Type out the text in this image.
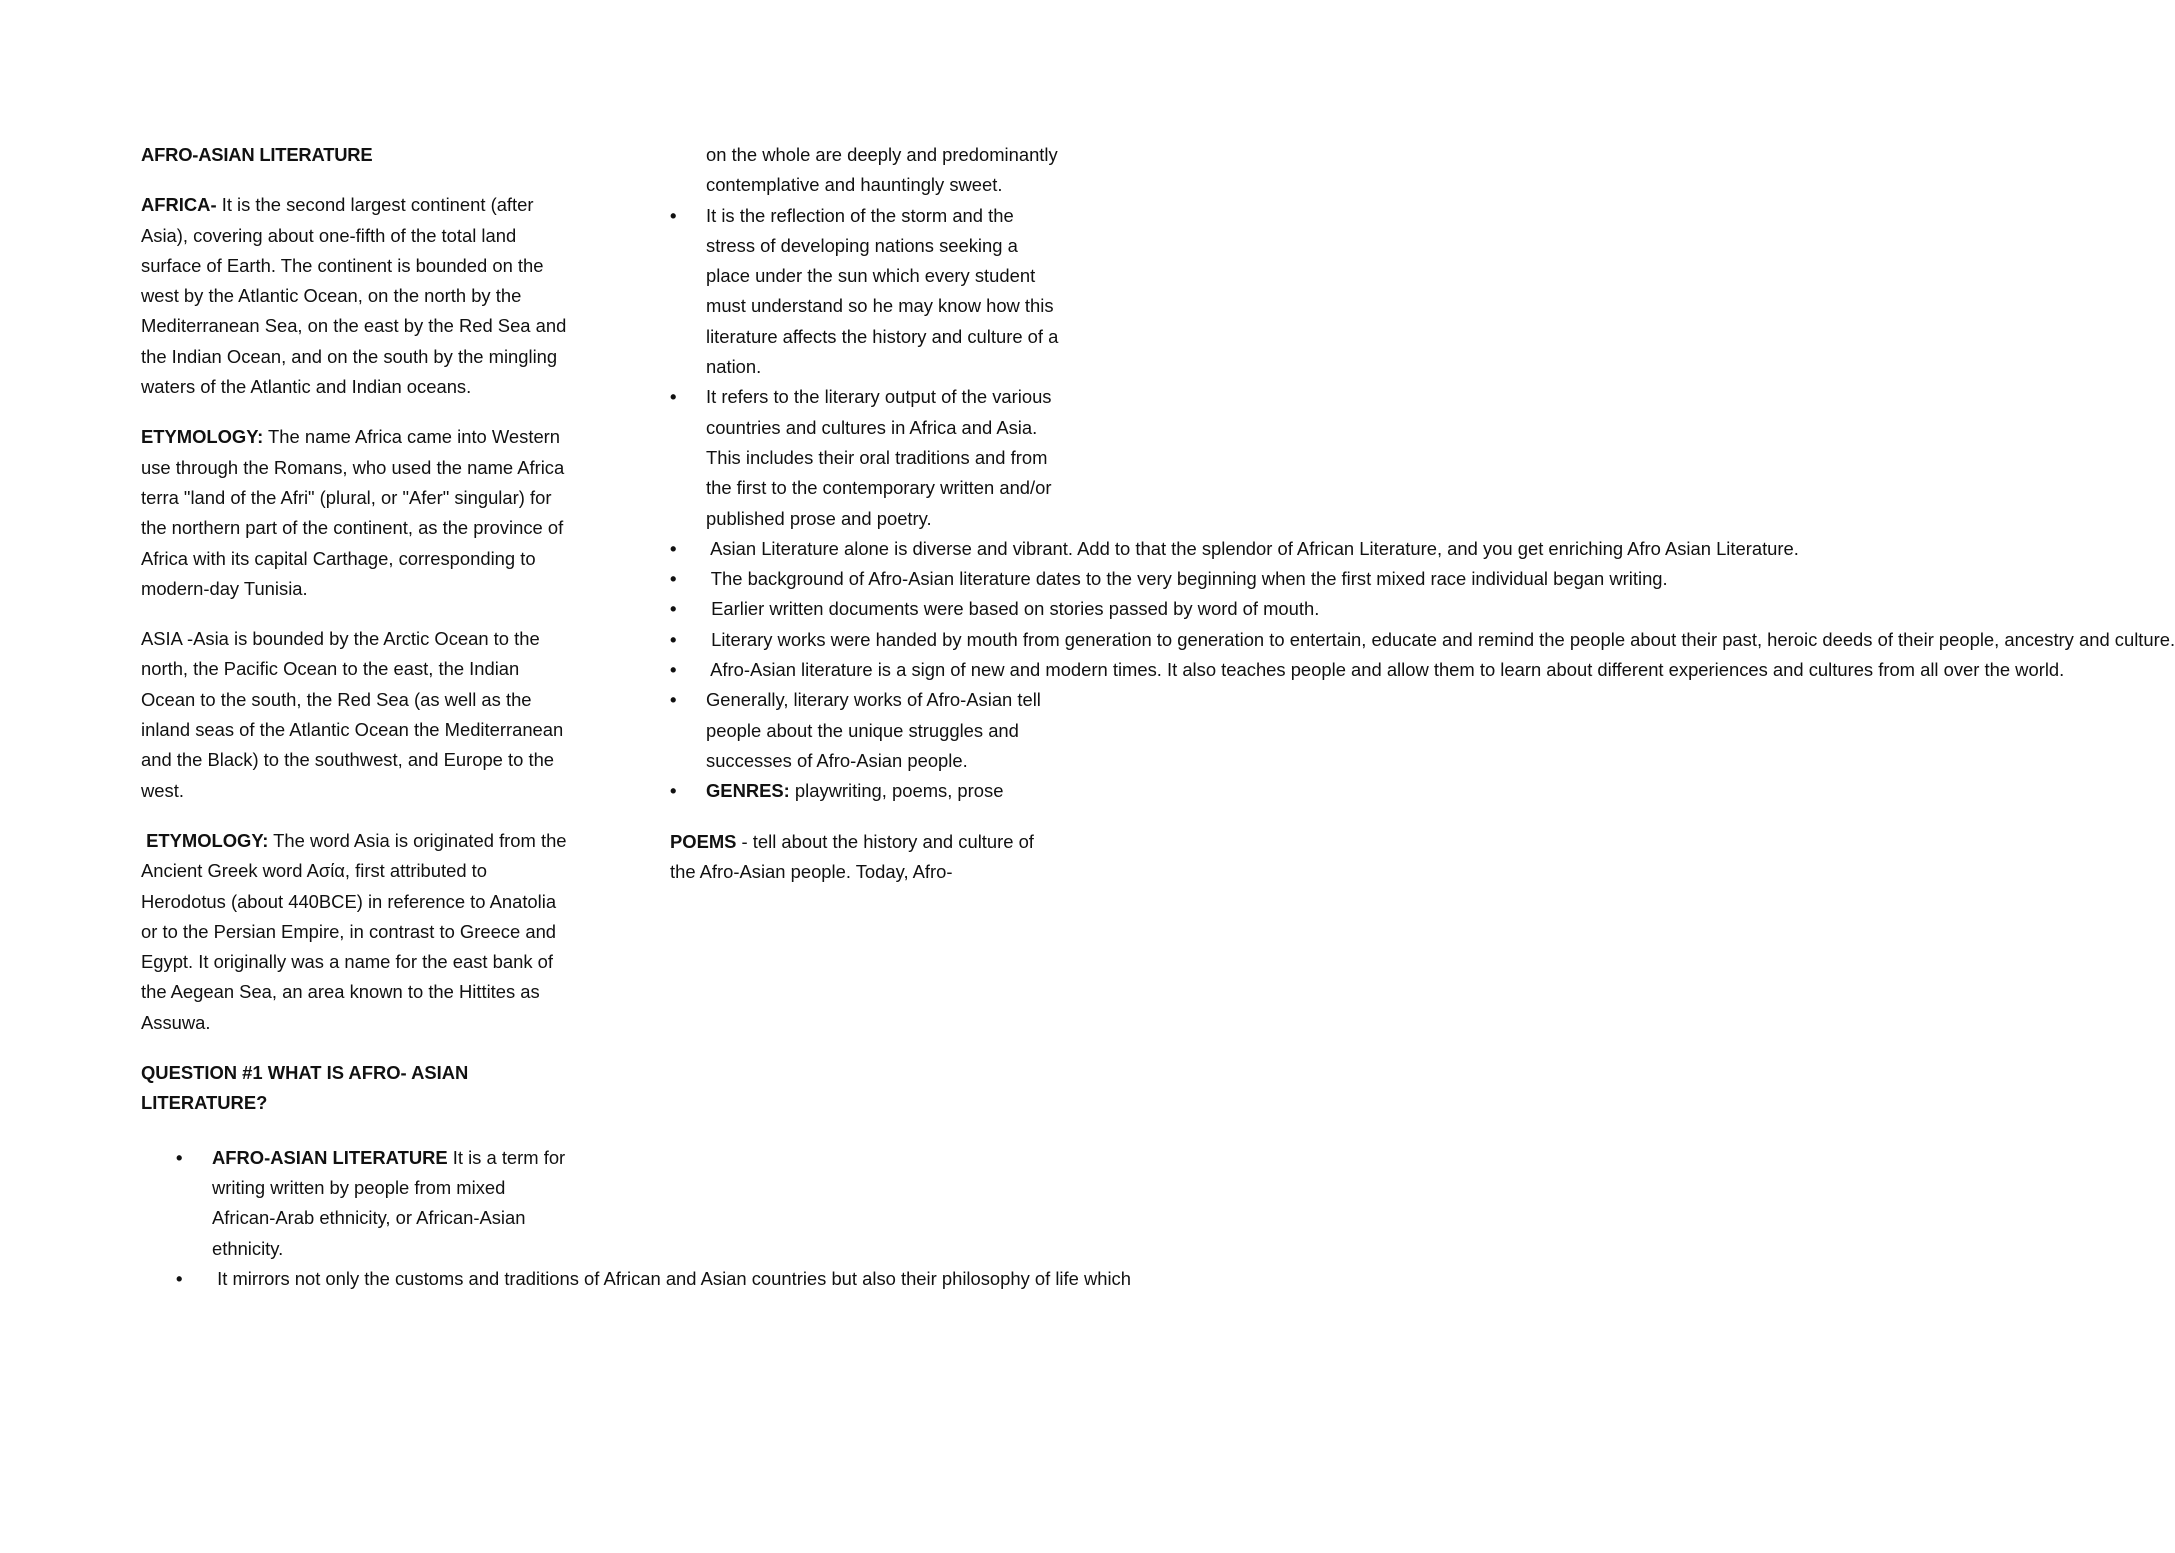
AFRO-ASIAN LITERATURE

AFRICA- It is the second largest continent (after Asia), covering about one-fifth of the total land surface of Earth. The continent is bounded on the west by the Atlantic Ocean, on the north by the Mediterranean Sea, on the east by the Red Sea and the Indian Ocean, and on the south by the mingling waters of the Atlantic and Indian oceans.

ETYMOLOGY: The name Africa came into Western use through the Romans, who used the name Africa terra "land of the Afri" (plural, or "Afer" singular) for the northern part of the continent, as the province of Africa with its capital Carthage, corresponding to modern-day Tunisia.

ASIA -Asia is bounded by the Arctic Ocean to the north, the Pacific Ocean to the east, the Indian Ocean to the south, the Red Sea (as well as the inland seas of the Atlantic Ocean the Mediterranean and the Black) to the southwest, and Europe to the west.

ETYMOLOGY: The word Asia is originated from the Ancient Greek word Aσία, first attributed to Herodotus (about 440BCE) in reference to Anatolia or to the Persian Empire, in contrast to Greece and Egypt. It originally was a name for the east bank of the Aegean Sea, an area known to the Hittites as Assuwa.

QUESTION #1 WHAT IS AFRO- ASIAN LITERATURE?

• AFRO-ASIAN LITERATURE It is a term for writing written by people from mixed African-Arab ethnicity, or African-Asian ethnicity.
•  It mirrors not only the customs and traditions of African and Asian countries but also their philosophy of life which
on the whole are deeply and predominantly contemplative and hauntingly sweet.
• It is the reflection of the storm and the stress of developing nations seeking a place under the sun which every student must understand so he may know how this literature affects the history and culture of a nation.
• It refers to the literary output of the various countries and cultures in Africa and Asia. This includes their oral traditions and from the first to the contemporary written and/or published prose and poetry.
•  Asian Literature alone is diverse and vibrant. Add to that the splendor of African Literature, and you get enriching Afro Asian Literature.
•  The background of Afro-Asian literature dates to the very beginning when the first mixed race individual began writing.
•  Earlier written documents were based on stories passed by word of mouth.
•  Literary works were handed by mouth from generation to generation to entertain, educate and remind the people about their past, heroic deeds of their people, ancestry and culture.
•  Afro-Asian literature is a sign of new and modern times. It also teaches people and allow them to learn about different experiences and cultures from all over the world.
• Generally, literary works of Afro-Asian tell people about the unique struggles and successes of Afro-Asian people.
• GENRES: playwriting, poems, prose

POEMS - tell about the history and culture of the Afro-Asian people. Today, Afro-
